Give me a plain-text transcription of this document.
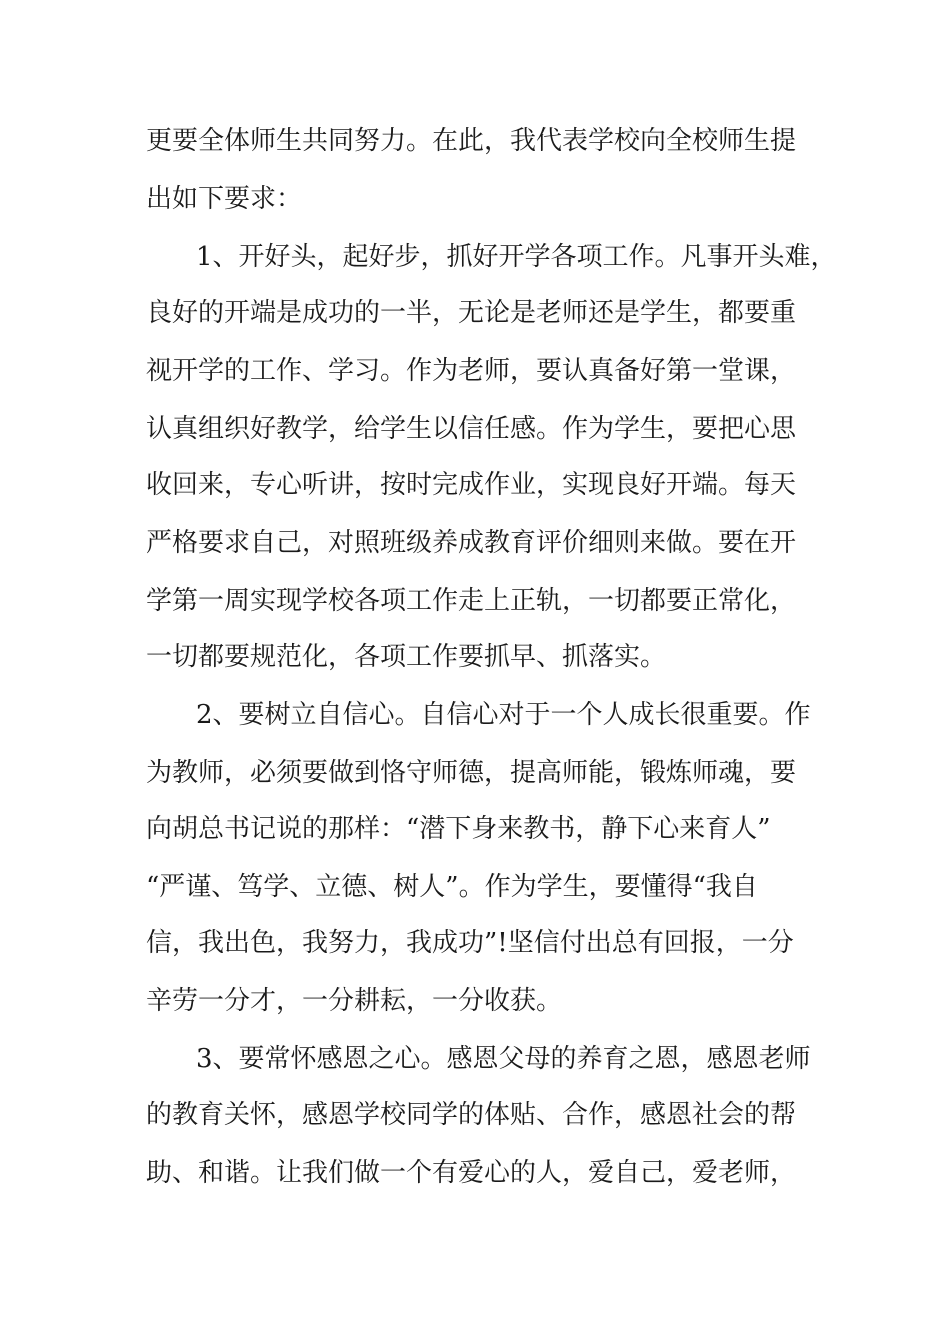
更要全体师生共同努力。在此，我代表学校向全校师生提
出如下要求：
1、开好头，起好步，抓好开学各项工作。凡事开头难，
良好的开端是成功的一半，无论是老师还是学生，都要重
视开学的工作、学习。作为老师，要认真备好第一堂课，
认真组织好教学，给学生以信任感。作为学生，要把心思
收回来，专心听讲，按时完成作业，实现良好开端。每天
严格要求自己，对照班级养成教育评价细则来做。要在开
学第一周实现学校各项工作走上正轨，一切都要正常化，
一切都要规范化，各项工作要抓早、抓落实。
2、要树立自信心。自信心对于一个人成长很重要。作
为教师，必须要做到恪守师德，提高师能，锻炼师魂，要
向胡总书记说的那样：“潜下身来教书，静下心来育人”
“严谨、笃学、立德、树人”。作为学生，要懂得“我自
信，我出色，我努力，我成功”!坚信付出总有回报，一分
辛劳一分才，一分耕耘，一分收获。
3、要常怀感恩之心。感恩父母的养育之恩，感恩老师
的教育关怀，感恩学校同学的体贴、合作，感恩社会的帮
助、和谐。让我们做一个有爱心的人，爱自己，爱老师，
